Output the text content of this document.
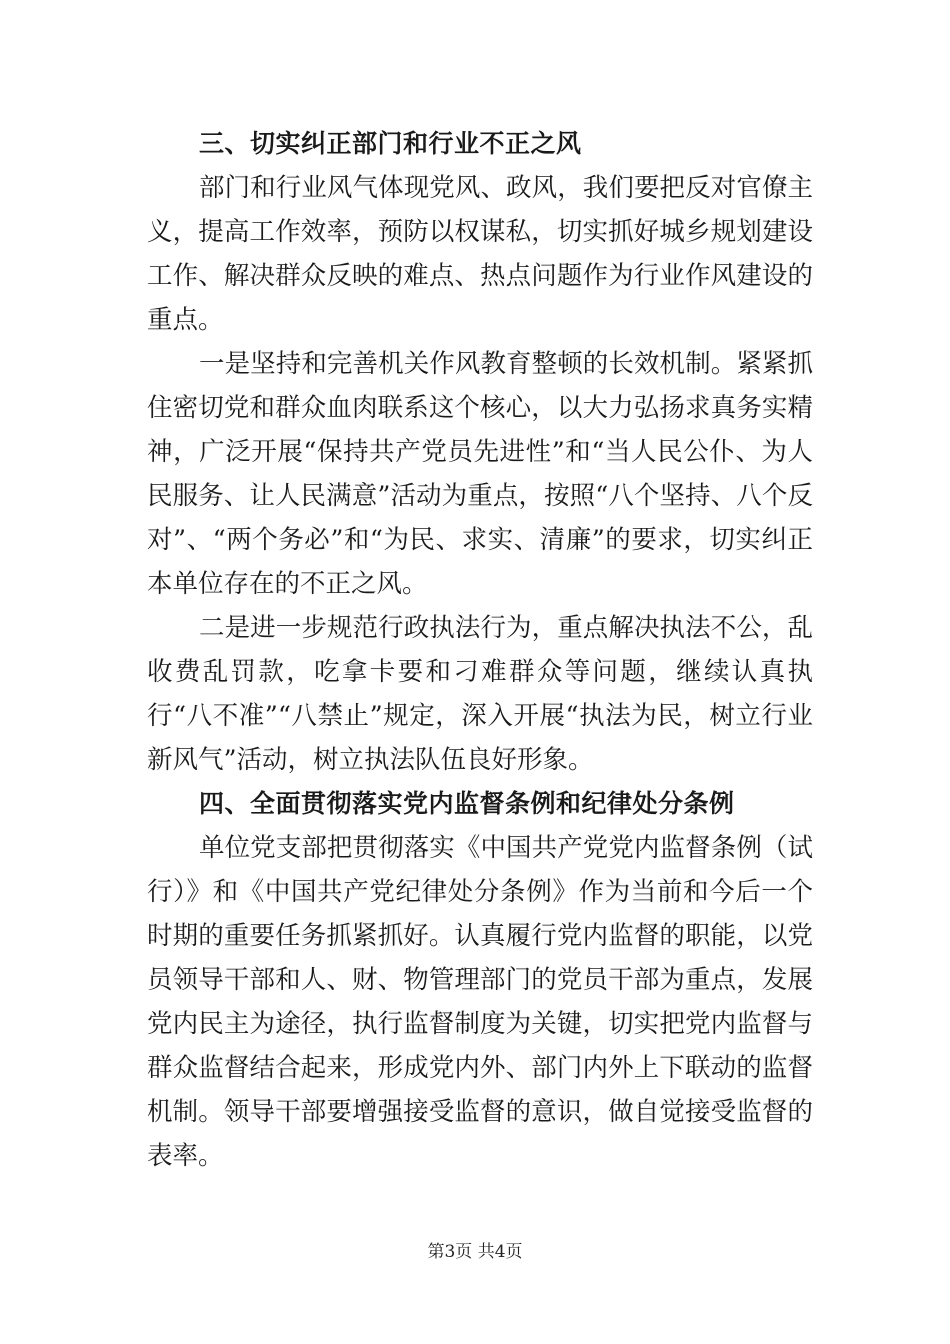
三、切实纠正部门和行业不正之风

部门和行业风气体现党风、政风，我们要把反对官僚主义，提高工作效率，预防以权谋私，切实抓好城乡规划建设工作、解决群众反映的难点、热点问题作为行业作风建设的重点。

一是坚持和完善机关作风教育整顿的长效机制。紧紧抓住密切党和群众血肉联系这个核心，以大力弘扬求真务实精神，广泛开展“保持共产党员先进性”和“当人民公仆、为人民服务、让人民满意”活动为重点，按照“八个坚持、八个反对”、“两个务必”和“为民、求实、清廉”的要求，切实纠正本单位存在的不正之风。

二是进一步规范行政执法行为，重点解决执法不公，乱收费乱罚款，吃拿卡要和刁难群众等问题，继续认真执行“八不准”“八禁止”规定，深入开展“执法为民，树立行业新风气”活动，树立执法队伍良好形象。

四、全面贯彻落实党内监督条例和纪律处分条例

单位党支部把贯彻落实《中国共产党党内监督条例（试行）》和《中国共产党纪律处分条例》作为当前和今后一个时期的重要任务抓紧抓好。认真履行党内监督的职能，以党员领导干部和人、财、物管理部门的党员干部为重点，发展党内民主为途径，执行监督制度为关键，切实把党内监督与群众监督结合起来，形成党内外、部门内外上下联动的监督机制。领导干部要增强接受监督的意识，做自觉接受监督的表率。

第3页 共4页
